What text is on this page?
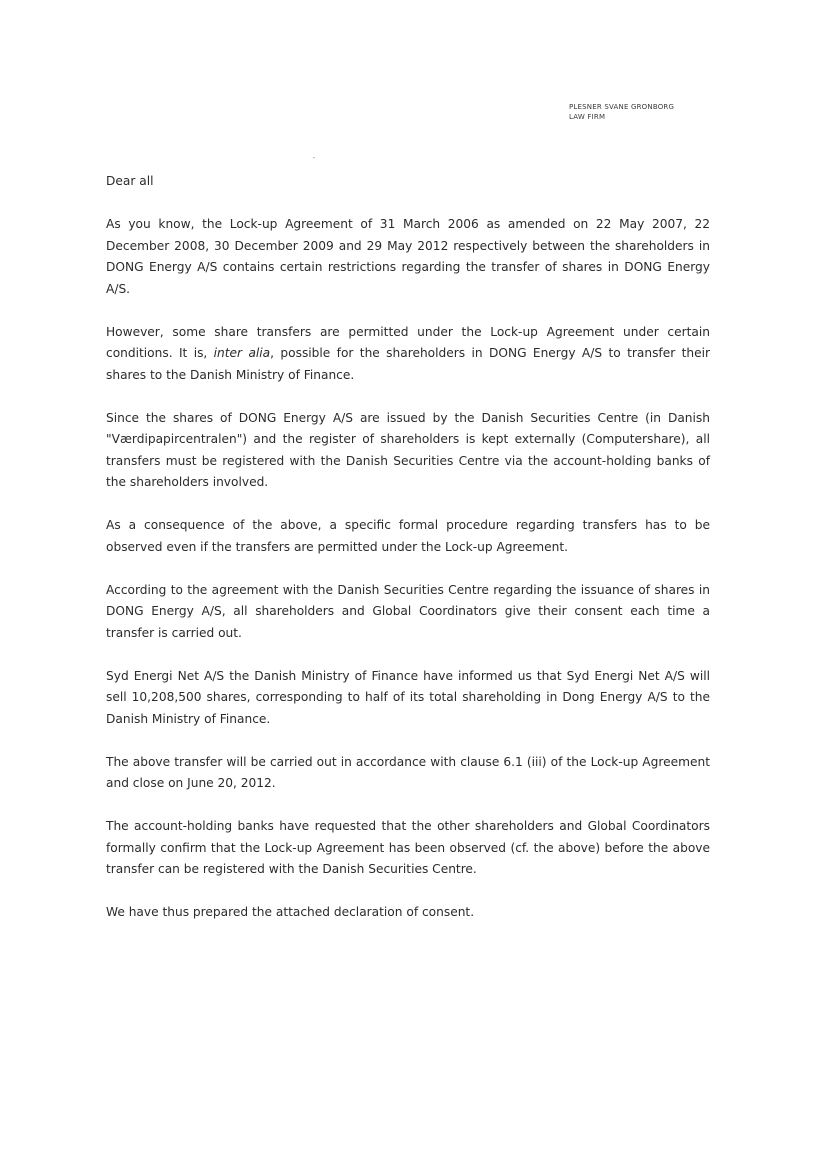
PLESNER SVANE GRONBORG
LAW FIRM

Dear all

As you know, the Lock-up Agreement of 31 March 2006 as amended on 22 May 2007, 22 December 2008, 30 December 2009 and 29 May 2012 respectively between the shareholders in DONG Energy A/S contains certain restrictions regarding the transfer of shares in DONG Energy A/S.

However, some share transfers are permitted under the Lock-up Agreement under certain conditions. It is, inter alia, possible for the shareholders in DONG Energy A/S to transfer their shares to the Danish Ministry of Finance.

Since the shares of DONG Energy A/S are issued by the Danish Securities Centre (in Danish "Værdipapircentralen") and the register of shareholders is kept externally (Computershare), all transfers must be registered with the Danish Securities Centre via the account-holding banks of the shareholders involved.

As a consequence of the above, a specific formal procedure regarding transfers has to be observed even if the transfers are permitted under the Lock-up Agreement.

According to the agreement with the Danish Securities Centre regarding the issuance of shares in DONG Energy A/S, all shareholders and Global Coordinators give their consent each time a transfer is carried out.

Syd Energi Net A/S the Danish Ministry of Finance have informed us that Syd Energi Net A/S will sell 10,208,500 shares, corresponding to half of its total shareholding in Dong Energy A/S to the Danish Ministry of Finance.

The above transfer will be carried out in accordance with clause 6.1 (iii) of the Lock-up Agreement and close on June 20, 2012.

The account-holding banks have requested that the other shareholders and Global Coordinators formally confirm that the Lock-up Agreement has been observed (cf. the above) before the above transfer can be registered with the Danish Securities Centre.

We have thus prepared the attached declaration of consent.
